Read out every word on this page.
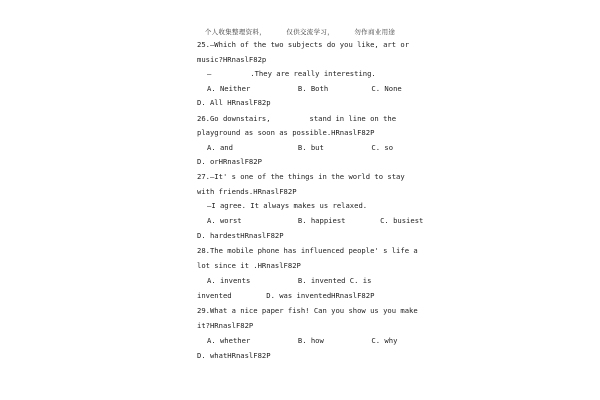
个人收集整理资料，	仅供交流学习，	勿作商业用途
25.—Which of the two subjects do you like, art or
music?HRnaslF82p
—         .They are really interesting.
A. Neither           B. Both          C. None
D. All HRnaslF82p
26.Go downstairs,         stand in line on the
playground as soon as possible.HRnaslF82P
A. and               B. but           C. so
D. orHRnaslF82P
27.—It' s one of the things in the world to stay
with friends.HRnaslF82P
—I agree. It always makes us relaxed.
A. worst             B. happiest        C. busiest
D. hardestHRnaslF82P
28.The mobile phone has influenced people' s life a
lot since it .HRnaslF82P
A. invents           B. invented C. is
invented        D. was inventedHRnaslF82P
29.What a nice paper fish! Can you show us you make
it?HRnaslF82P
A. whether           B. how           C. why
D. whatHRnaslF82P
